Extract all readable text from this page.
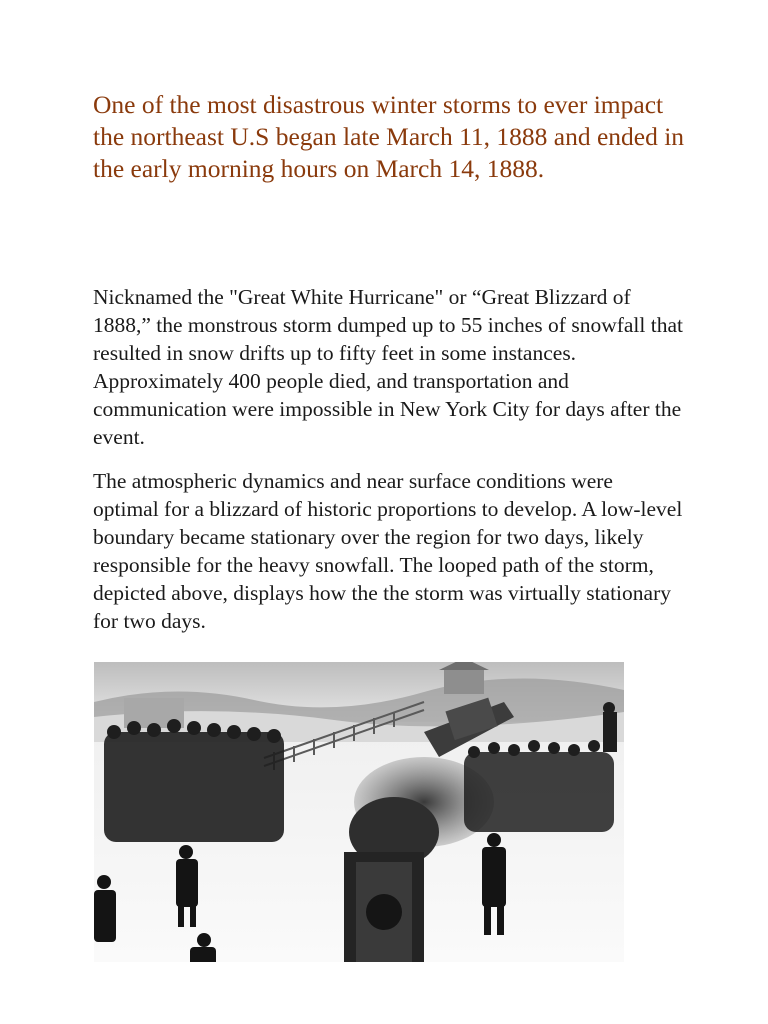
One of the most disastrous winter storms to ever impact the northeast U.S began late March 11, 1888 and ended in the early morning hours on March 14, 1888.

Nicknamed the "Great White Hurricane" or “Great Blizzard of 1888,” the monstrous storm dumped up to 55 inches of snowfall that resulted in snow drifts up to fifty feet in some instances. Approximately 400 people died, and transportation and communication were impossible in New York City for days after the event.

The atmospheric dynamics and near surface conditions were optimal for a blizzard of historic proportions to develop. A low-level boundary became stationary over the region for two days, likely responsible for the heavy snowfall. The looped path of the storm, depicted above, displays how the the storm was virtually stationary for two days.
